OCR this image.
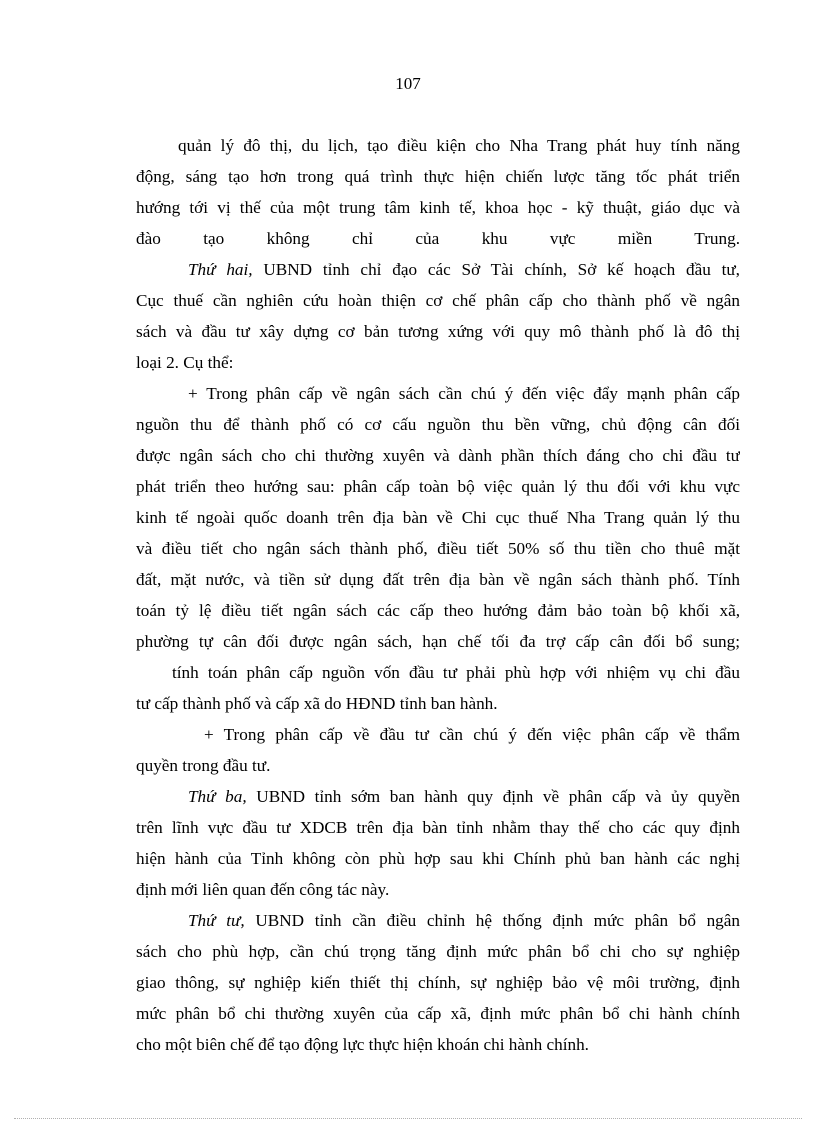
107
quản lý đô thị, du lịch, tạo điều kiện cho Nha Trang phát huy tính năng
động, sáng tạo hơn trong quá trình thực hiện chiến lược tăng tốc phát triển
hướng tới vị thế của một trung tâm kinh tế, khoa học - kỹ thuật, giáo dục và
đào tạo không chỉ của khu vực miền Trung.
Thứ hai, UBND tỉnh chỉ đạo các Sở Tài chính, Sở kế hoạch đầu tư,
Cục thuế cần nghiên cứu hoàn thiện cơ chế phân cấp cho thành phố về ngân
sách và đầu tư xây dựng cơ bản tương xứng với quy mô thành phố là đô thị
loại 2. Cụ thể:
+ Trong phân cấp về ngân sách cần chú ý đến việc đẩy mạnh phân cấp
nguồn thu để thành phố có cơ cấu nguồn thu bền vững, chủ động cân đối
được ngân sách cho chi thường xuyên và dành phần thích đáng cho chi đầu tư
phát triển theo hướng sau: phân cấp toàn bộ việc quản lý thu đối với khu vực
kinh tế ngoài quốc doanh trên địa bàn về Chi cục thuế Nha Trang quản lý thu
và điều tiết cho ngân sách thành phố, điều tiết 50% số thu tiền cho thuê mặt
đất, mặt nước, và tiền sử dụng đất trên địa bàn về ngân sách thành phố. Tính
toán tỷ lệ điều tiết ngân sách các cấp theo hướng đảm bảo toàn bộ khối xã,
phường tự cân đối được ngân sách, hạn chế tối đa trợ cấp cân đối bổ sung;
tính toán phân cấp nguồn vốn đầu tư phải phù hợp với nhiệm vụ chi đầu
tư cấp thành phố và cấp xã do HĐND tỉnh ban hành.
+ Trong phân cấp về đầu tư cần chú ý đến việc phân cấp về thẩm
quyền trong đầu tư.
Thứ ba, UBND tỉnh sớm ban hành quy định về phân cấp và ủy quyền
trên lĩnh vực đầu tư XDCB trên địa bàn tỉnh nhằm thay thế cho các quy định
hiện hành của Tỉnh không còn phù hợp sau khi Chính phủ ban hành các nghị
định mới liên quan đến công tác này.
Thứ tư, UBND tỉnh cần điều chỉnh hệ thống định mức phân bổ ngân
sách cho phù hợp, cần chú trọng tăng định mức phân bổ chi cho sự nghiệp
giao thông, sự nghiệp kiến thiết thị chính, sự nghiệp bảo vệ môi trường, định
mức phân bổ chi thường xuyên của cấp xã, định mức phân bổ chi hành chính
cho một biên chế để tạo động lực thực hiện khoán chi hành chính.
